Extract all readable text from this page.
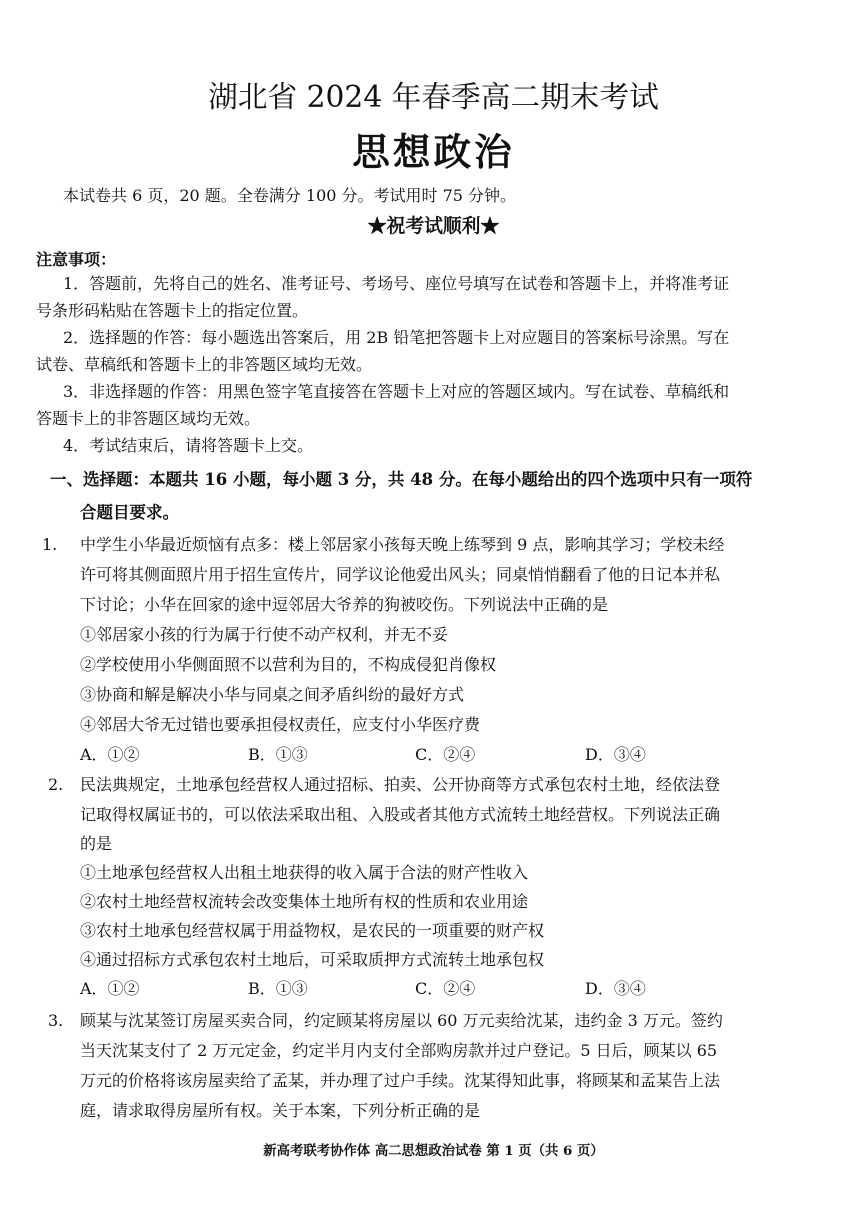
湖北省 2024 年春季高二期末考试
思想政治
本试卷共 6 页，20 题。全卷满分 100 分。考试用时 75 分钟。
★祝考试顺利★
注意事项：
1．答题前，先将自己的姓名、准考证号、考场号、座位号填写在试卷和答题卡上，并将准考证
号条形码粘贴在答题卡上的指定位置。
2．选择题的作答：每小题选出答案后，用 2B 铅笔把答题卡上对应题目的答案标号涂黑。写在
试卷、草稿纸和答题卡上的非答题区域均无效。
3．非选择题的作答：用黑色签字笔直接答在答题卡上对应的答题区域内。写在试卷、草稿纸和
答题卡上的非答题区域均无效。
4．考试结束后，请将答题卡上交。
一、选择题：本题共 16 小题，每小题 3 分，共 48 分。在每小题给出的四个选项中只有一项符
合题目要求。
1. 中学生小华最近烦恼有点多：楼上邻居家小孩每天晚上练琴到 9 点，影响其学习；学校未经
许可将其侧面照片用于招生宣传片，同学议论他爱出风头；同桌悄悄翻看了他的日记本并私
下讨论；小华在回家的途中逗邻居大爷养的狗被咬伤。下列说法中正确的是
①邻居家小孩的行为属于行使不动产权利，并无不妥
②学校使用小华侧面照不以营利为目的，不构成侵犯肖像权
③协商和解是解决小华与同桌之间矛盾纠纷的最好方式
④邻居大爷无过错也要承担侵权责任，应支付小华医疗费
A．①②	B．①③	C．②④	D．③④
2. 民法典规定，土地承包经营权人通过招标、拍卖、公开协商等方式承包农村土地，经依法登
记取得权属证书的，可以依法采取出租、入股或者其他方式流转土地经营权。下列说法正确
的是
①土地承包经营权人出租土地获得的收入属于合法的财产性收入
②农村土地经营权流转会改变集体土地所有权的性质和农业用途
③农村土地承包经营权属于用益物权，是农民的一项重要的财产权
④通过招标方式承包农村土地后，可采取质押方式流转土地承包权
A．①②	B．①③	C．②④	D．③④
3. 顾某与沈某签订房屋买卖合同，约定顾某将房屋以 60 万元卖给沈某，违约金 3 万元。签约
当天沈某支付了 2 万元定金，约定半月内支付全部购房款并过户登记。5 日后，顾某以 65
万元的价格将该房屋卖给了孟某，并办理了过户手续。沈某得知此事，将顾某和孟某告上法
庭，请求取得房屋所有权。关于本案，下列分析正确的是
新高考联考协作体 高二思想政治试卷 第 1 页（共 6 页）
